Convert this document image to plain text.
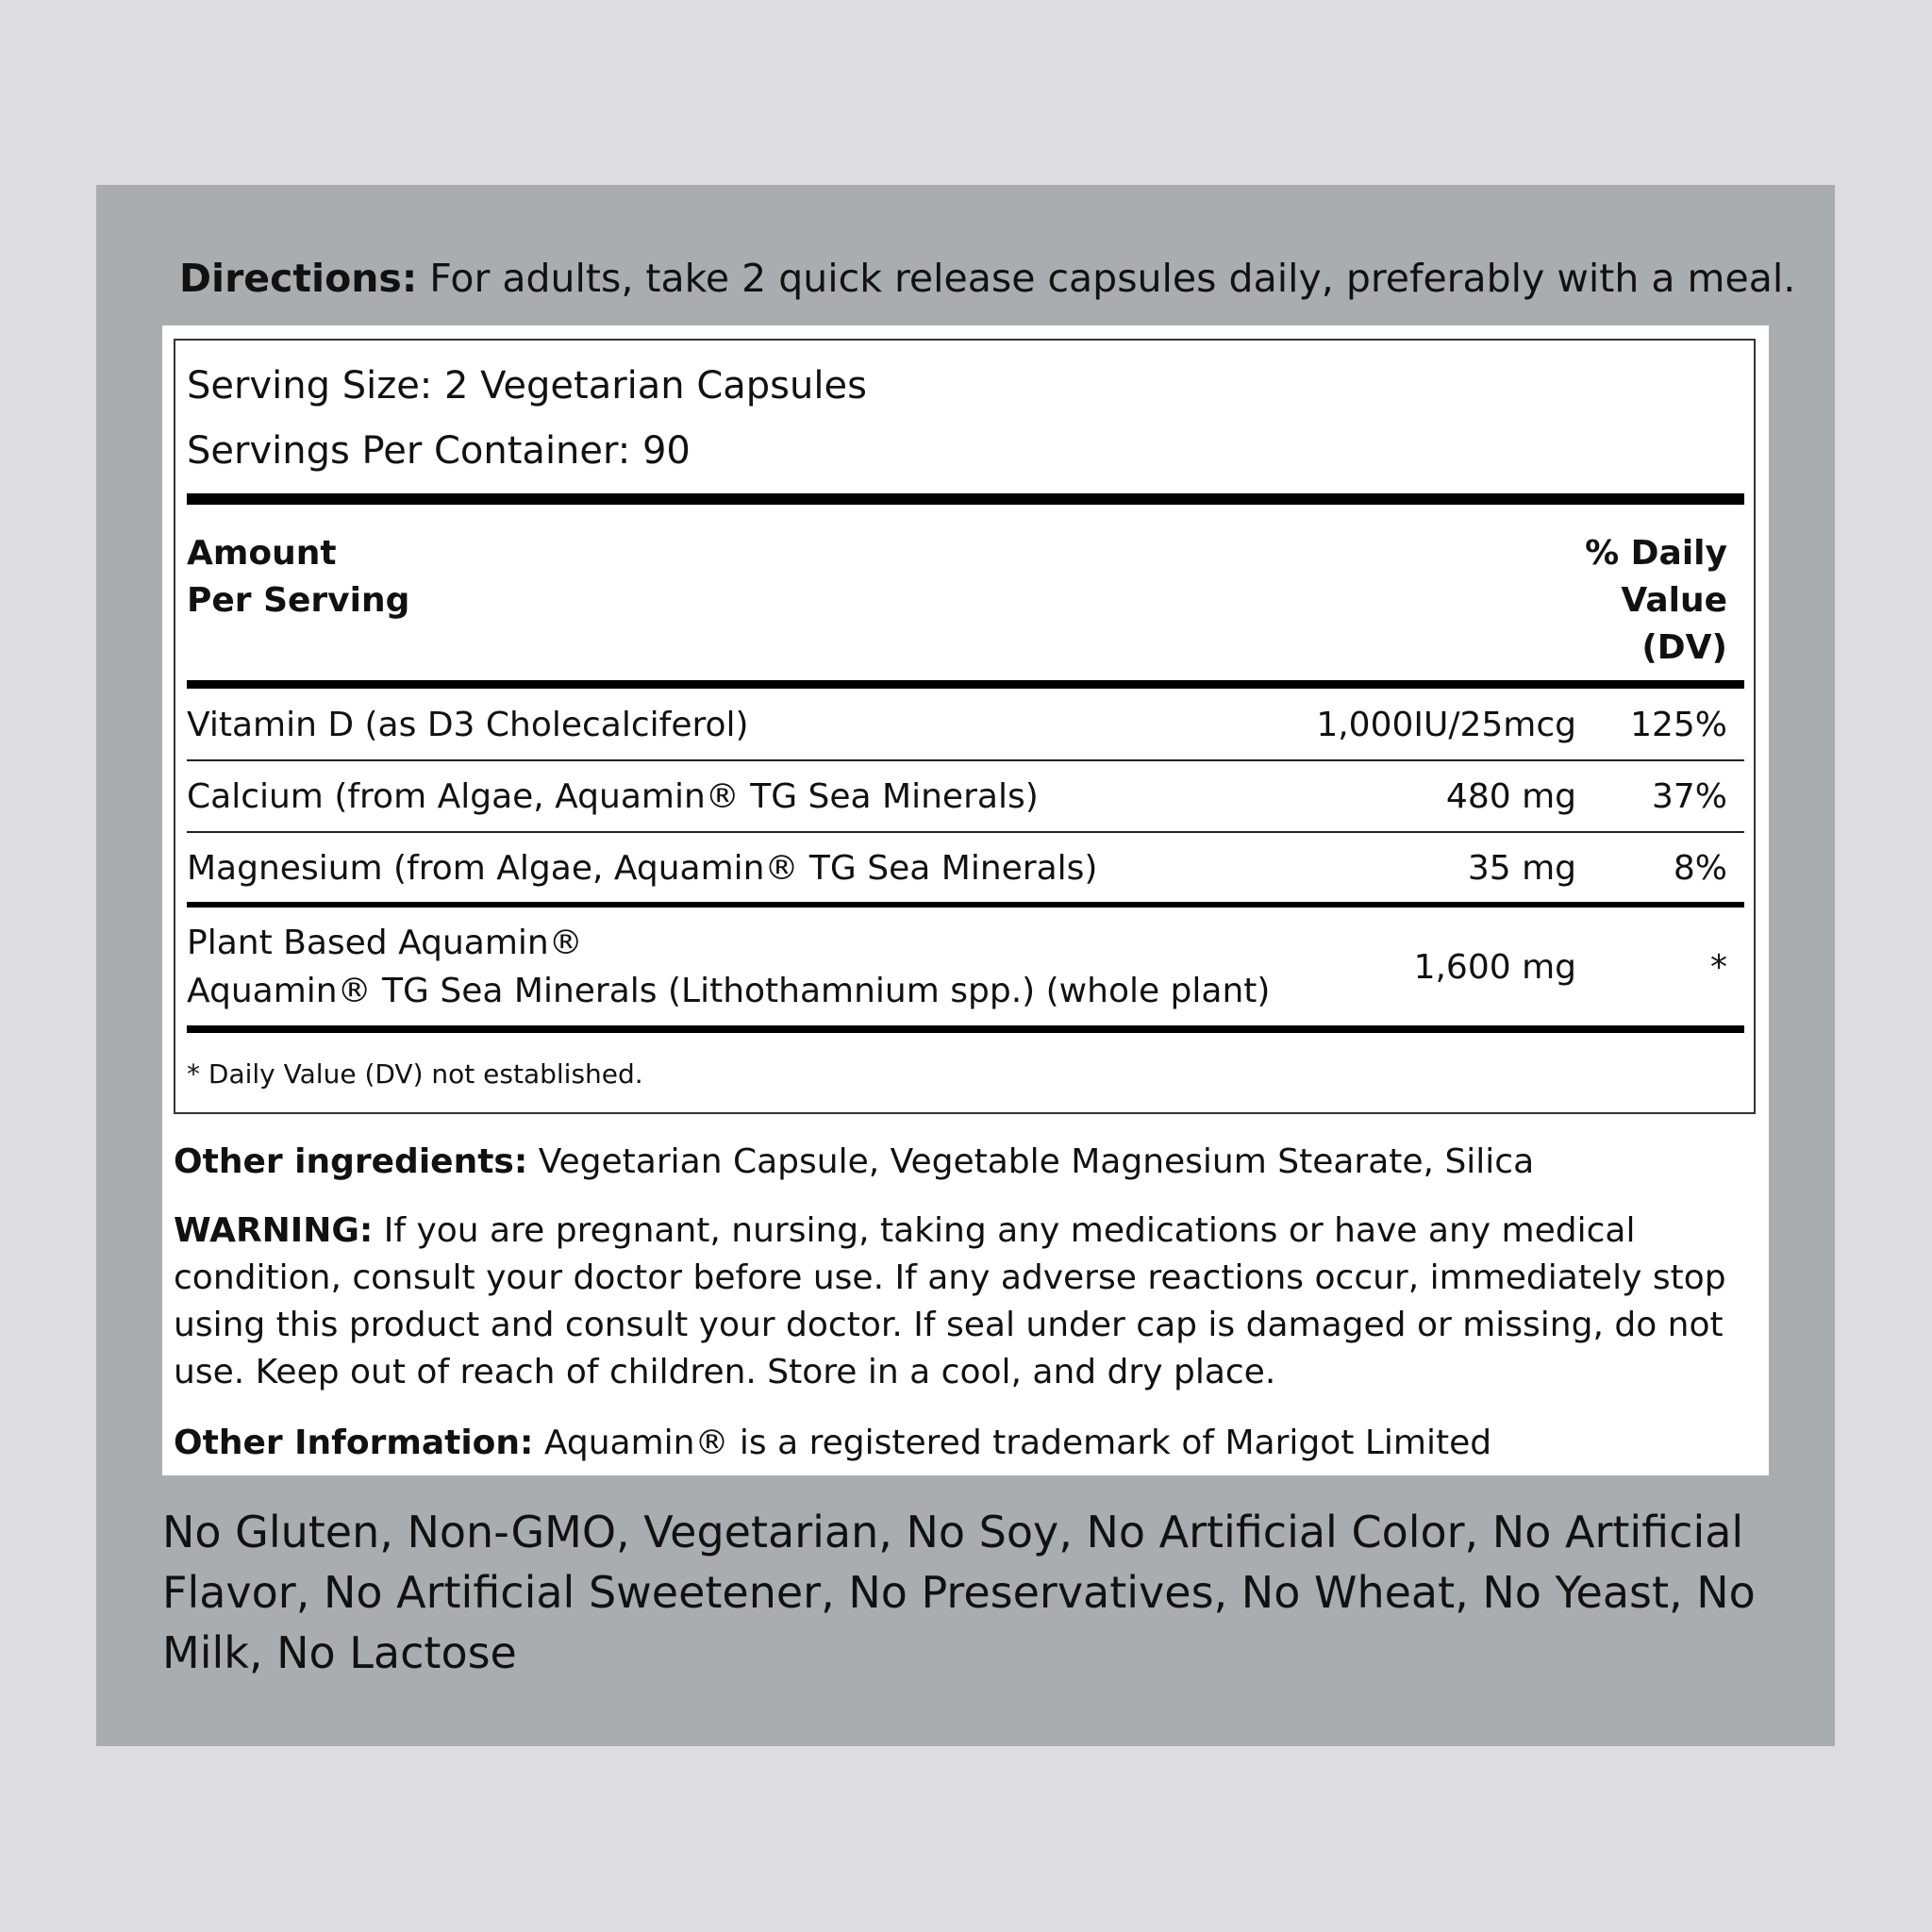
Directions: For adults, take 2 quick release capsules daily, preferably with a meal.
Serving Size: 2 Vegetarian Capsules
Servings Per Container: 90
Amount
Per Serving
% Daily
Value
(DV)
Vitamin D (as D3 Cholecalciferol)	1,000IU/25mcg	125%
Calcium (from Algae, Aquamin® TG Sea Minerals)	480 mg	37%
Magnesium (from Algae, Aquamin® TG Sea Minerals)	35 mg	8%
Plant Based Aquamin®
Aquamin® TG Sea Minerals (Lithothamnium spp.) (whole plant)
1,600 mg	*
* Daily Value (DV) not established.
Other ingredients: Vegetarian Capsule, Vegetable Magnesium Stearate, Silica
WARNING: If you are pregnant, nursing, taking any medications or have any medical condition, consult your doctor before use. If any adverse reactions occur, immediately stop using this product and consult your doctor. If seal under cap is damaged or missing, do not use. Keep out of reach of children. Store in a cool, and dry place.
Other Information: Aquamin® is a registered trademark of Marigot Limited
No Gluten, Non-GMO, Vegetarian, No Soy, No Artificial Color, No Artificial Flavor, No Artificial Sweetener, No Preservatives, No Wheat, No Yeast, No Milk, No Lactose
